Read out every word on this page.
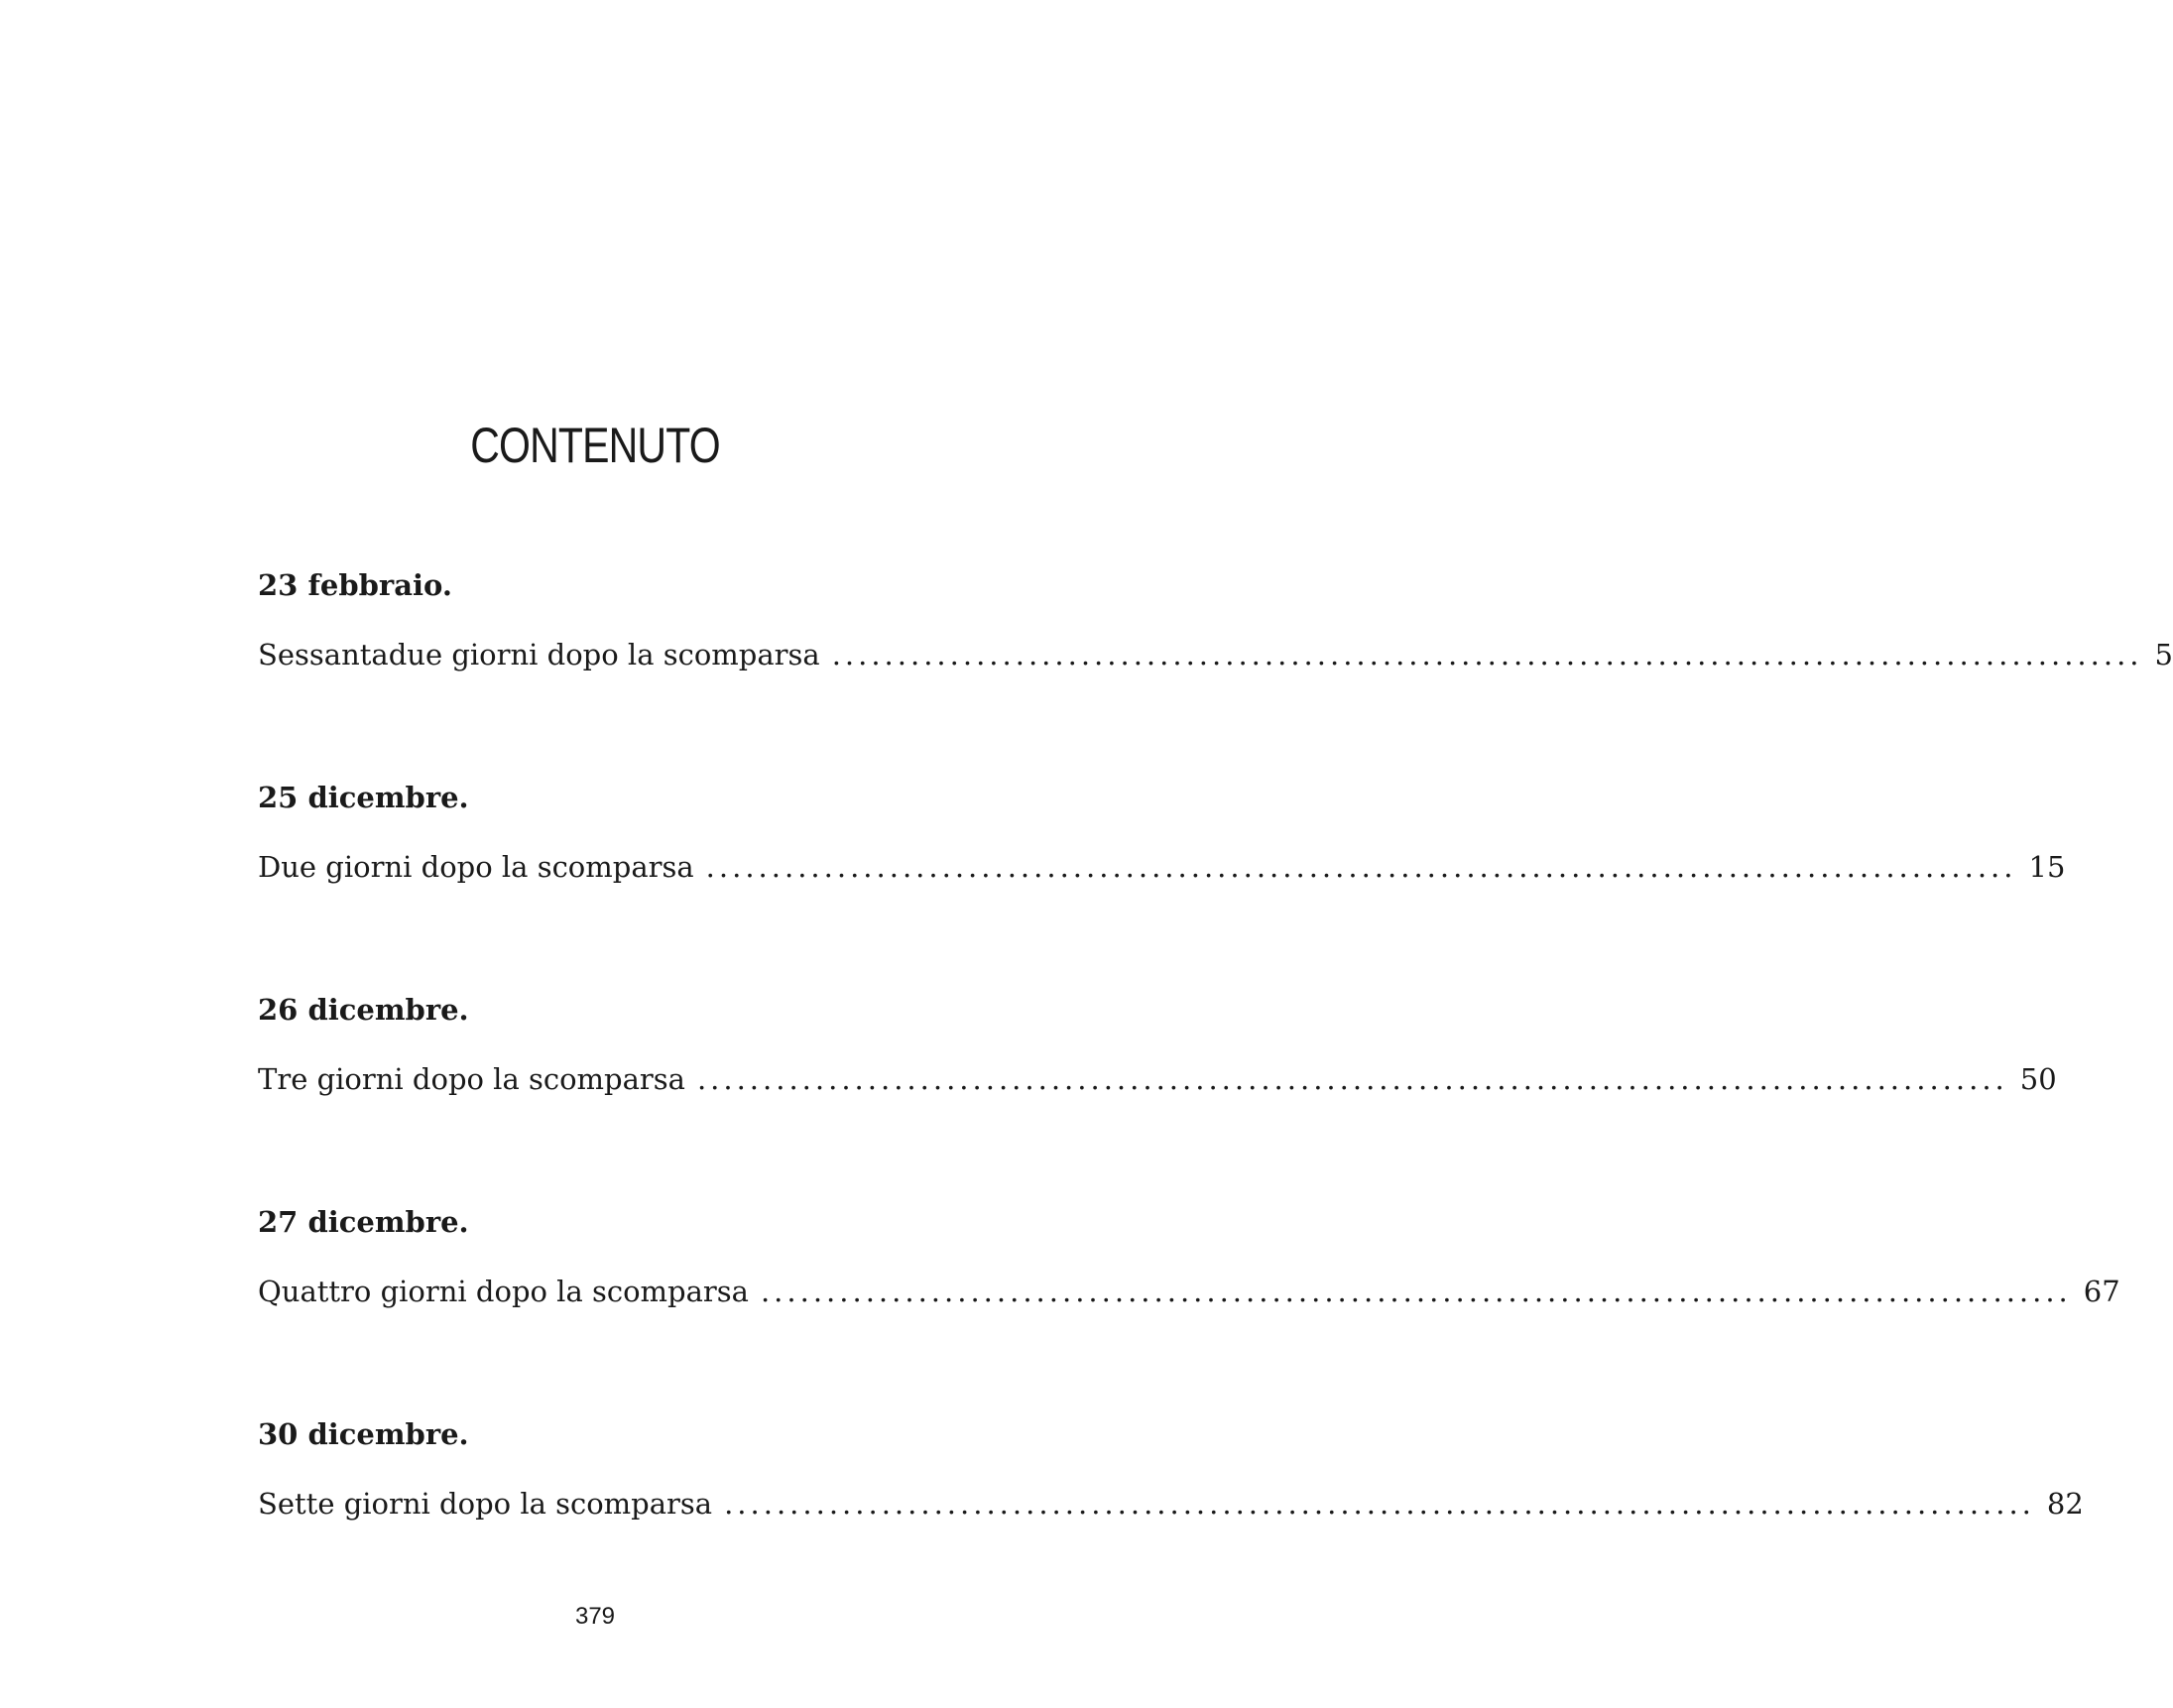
CONTENUTO
23 febbraio.
Sessantadue giorni dopo la scomparsa .................................................................................................... 5
25 dicembre.
Due giorni dopo la scomparsa .................................................................................................... 15
26 dicembre.
Tre giorni dopo la scomparsa .................................................................................................... 50
27 dicembre.
Quattro giorni dopo la scomparsa .................................................................................................... 67
30 dicembre.
Sette giorni dopo la scomparsa .................................................................................................... 82
379
